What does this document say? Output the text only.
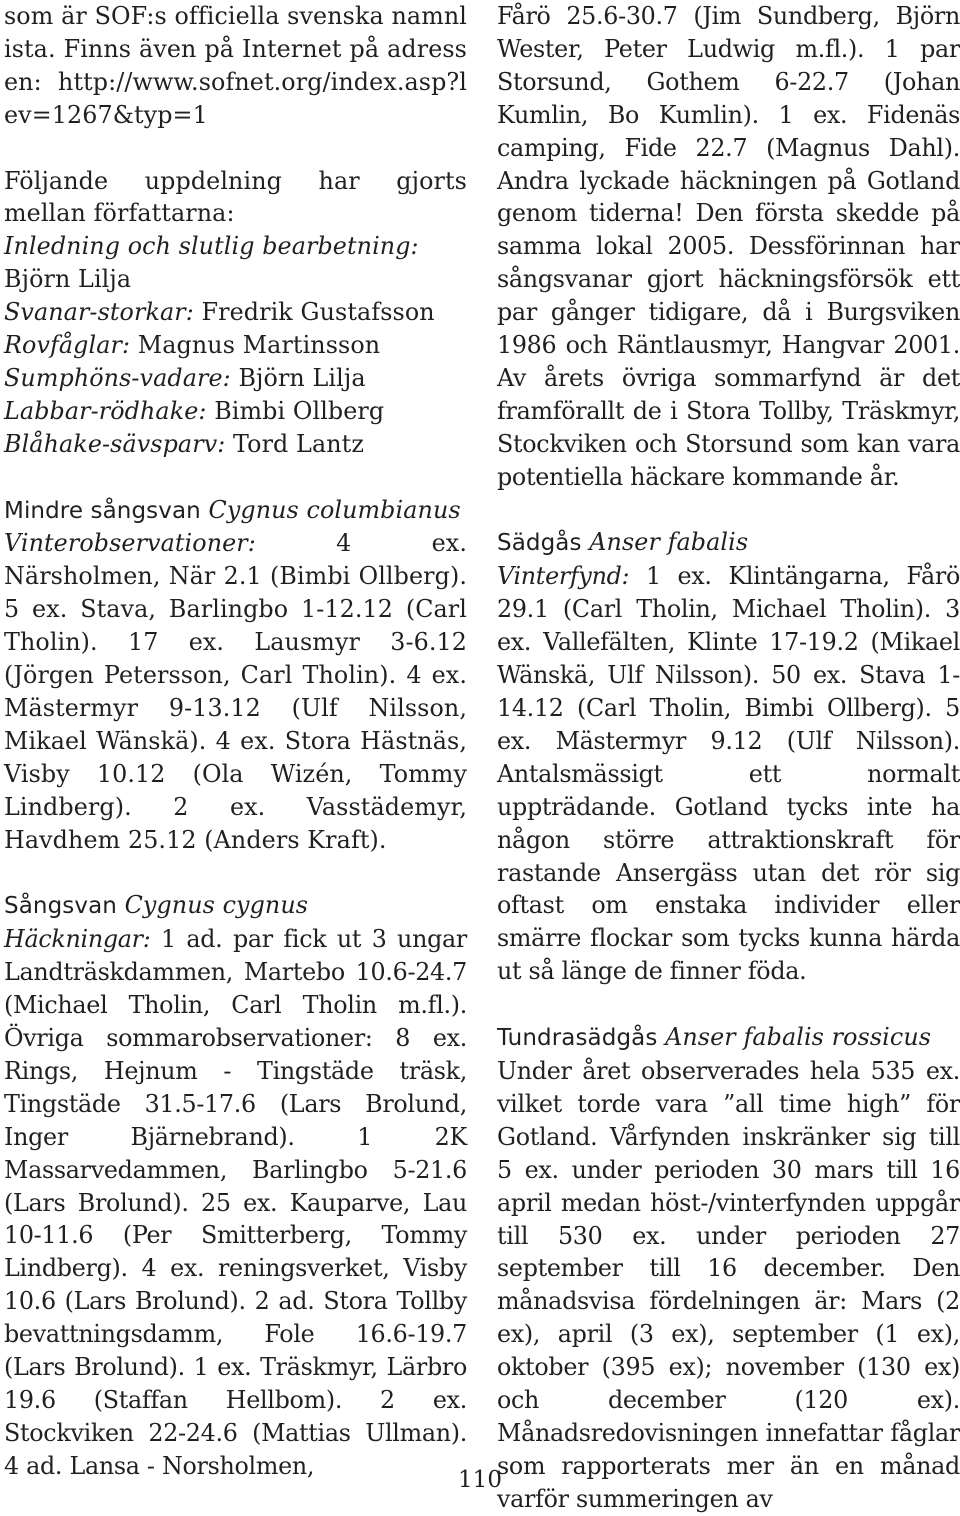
som är SOF:s officiella svenska namnlista. Finns även på Internet på adressen: http://www.sofnet.org/index.asp?lev=1267&typ=1

Följande uppdelning har gjorts mellan författarna:

Inledning och slutlig bearbetning: Björn Lilja
Svanar-storkar: Fredrik Gustafsson
Rovfåglar: Magnus Martinsson
Sumphöns-vadare: Björn Lilja
Labbar-rödhake: Bimbi Ollberg
Blåhake-sävsparv: Tord Lantz
Mindre sångsvan Cygnus columbianus

Vinterobservationer:	4 ex. Närsholmen, När 2.1 (Bimbi Ollberg). 5 ex. Stava, Barlingbo 1-12.12 (Carl Tholin). 17 ex. Lausmyr 3-6.12 (Jörgen Petersson, Carl Tholin). 4 ex. Mästermyr 9-13.12 (Ulf Nilsson, Mikael Wänskä). 4 ex. Stora Hästnäs, Visby 10.12 (Ola Wizén, Tommy Lindberg). 2 ex. Vasstädemyr, Havdhem 25.12 (Anders Kraft).

Sångsvan Cygnus cygnus

Häckningar: 1 ad. par fick ut 3 ungar Landträskdammen, Martebo 10.6-24.7 (Michael Tholin, Carl Tholin m.fl.). Övriga sommarobservationer: 8 ex. Rings, Hejnum - Tingstäde träsk, Tingstäde 31.5-17.6 (Lars Brolund, Inger Bjärnebrand). 1 2K Massarvedammen, Barlingbo 5-21.6 (Lars Brolund). 25 ex. Kauparve, Lau 10-11.6 (Per Smitterberg, Tommy Lindberg). 4 ex. reningsverket, Visby 10.6 (Lars Brolund). 2 ad. Stora Tollby bevattningsdamm, Fole 16.6-19.7 (Lars Brolund). 1 ex. Träskmyr, Lärbro 19.6 (Staffan Hellbom). 2 ex. Stockviken 22-24.6 (Mattias Ullman). 4 ad. Lansa - Norsholmen,

Fårö 25.6-30.7 (Jim Sundberg, Björn Wester, Peter Ludwig m.fl.). 1 par Storsund, Gothem 6-22.7 (Johan Kumlin, Bo Kumlin). 1 ex. Fidenäs camping, Fide 22.7 (Magnus Dahl). Andra lyckade häckningen på Gotland genom tiderna! Den första skedde på samma lokal 2005. Dessförinnan har sångsvanar gjort häckningsförsök ett par gånger tidigare, då i Burgsviken 1986 och Räntlausmyr, Hangvar 2001. Av årets övriga sommarfynd är det framförallt de i Stora Tollby, Träskmyr, Stockviken och Storsund som kan vara potentiella häckare kommande år.

Sädgås Anser fabalis

Vinterfynd: 1 ex. Klintängarna, Fårö 29.1 (Carl Tholin, Michael Tholin). 3 ex. Vallefälten, Klinte 17-19.2 (Mikael Wänskä, Ulf Nilsson). 50 ex. Stava 1-14.12 (Carl Tholin, Bimbi Ollberg). 5 ex. Mästermyr 9.12 (Ulf Nilsson). Antalsmässigt ett normalt uppträdande. Gotland tycks inte ha någon större attraktionskraft för rastande Ansergäss utan det rör sig oftast om enstaka individer eller smärre flockar som tycks kunna härda ut så länge de finner föda.

Tundrasädgås Anser fabalis rossicus

Under året observerades hela 535 ex. vilket torde vara ”all time high” för Gotland. Vårfynden inskränker sig till 5 ex. under perioden 30 mars till 16 april medan höst-/vinterfynden uppgår till 530 ex. under perioden 27 september till 16 december. Den månadsvisa fördelningen är: Mars (2 ex), april (3 ex), september (1 ex), oktober (395 ex); november (130 ex) och december (120 ex). Månadsredovisningen innefattar fåglar som rapporterats mer än en månad varför summeringen av

110
